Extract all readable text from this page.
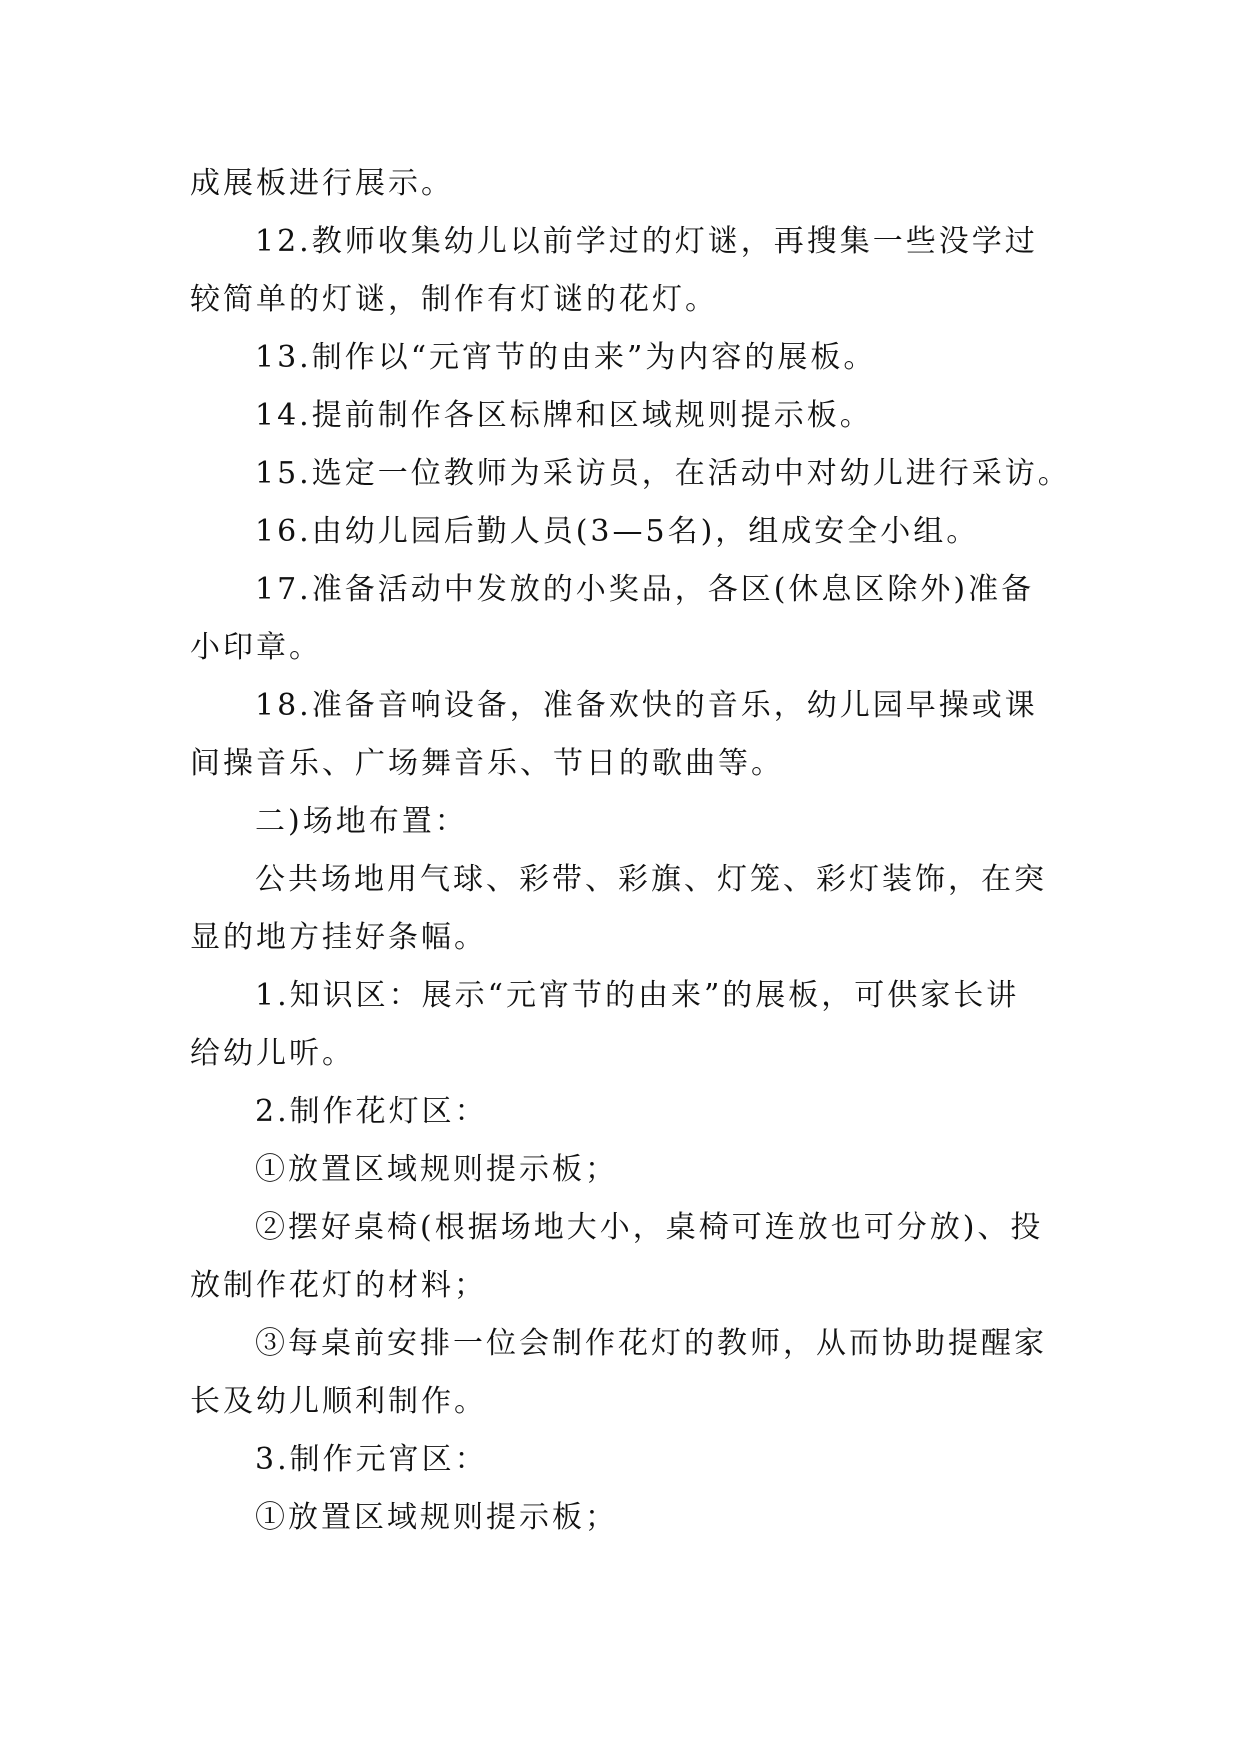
成展板进行展示。
12.教师收集幼儿以前学过的灯谜，再搜集一些没学过
较简单的灯谜，制作有灯谜的花灯。
13.制作以“元宵节的由来”为内容的展板。
14.提前制作各区标牌和区域规则提示板。
15.选定一位教师为采访员，在活动中对幼儿进行采访。
16.由幼儿园后勤人员(3—5名)，组成安全小组。
17.准备活动中发放的小奖品，各区(休息区除外)准备
小印章。
18.准备音响设备，准备欢快的音乐，幼儿园早操或课
间操音乐、广场舞音乐、节日的歌曲等。
二)场地布置：
公共场地用气球、彩带、彩旗、灯笼、彩灯装饰，在突
显的地方挂好条幅。
1.知识区：展示“元宵节的由来”的展板，可供家长讲
给幼儿听。
2.制作花灯区：
①放置区域规则提示板；
②摆好桌椅(根据场地大小，桌椅可连放也可分放)、投
放制作花灯的材料；
③每桌前安排一位会制作花灯的教师，从而协助提醒家
长及幼儿顺利制作。
3.制作元宵区：
①放置区域规则提示板；
